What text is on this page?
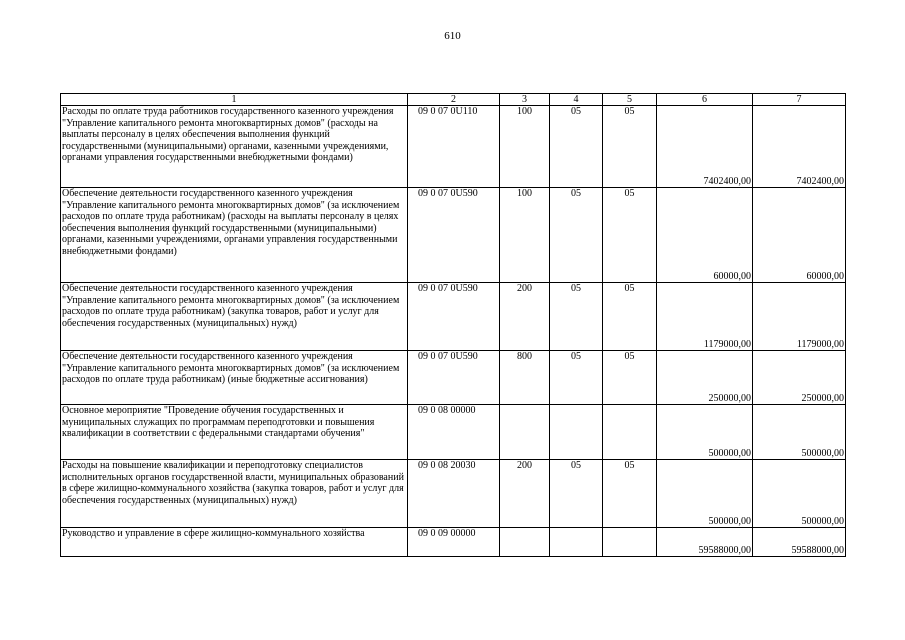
610
1	2	3	4	5	6	7
Расходы по оплате труда работников государственного казенного учреждения "Управление капитального ремонта многоквартирных домов" (расходы на выплаты персоналу в целях обеспечения выполнения функций государственными (муниципальными) органами, казенными учреждениями, органами управления государственными внебюджетными фондами)	09 0 07 0U110	100	05	05	7402400,00	7402400,00
Обеспечение деятельности государственного казенного учреждения "Управление капитального ремонта многоквартирных домов" (за исключением расходов по оплате труда работникам) (расходы на выплаты персоналу в целях обеспечения выполнения функций государственными (муниципальными) органами, казенными учреждениями, органами управления государственными внебюджетными фондами)	09 0 07 0U590	100	05	05	60000,00	60000,00
Обеспечение деятельности государственного казенного учреждения "Управление капитального ремонта многоквартирных домов" (за исключением расходов по оплате труда работникам) (закупка товаров, работ и услуг для обеспечения государственных (муниципальных) нужд)	09 0 07 0U590	200	05	05	1179000,00	1179000,00
Обеспечение деятельности государственного казенного учреждения "Управление капитального ремонта многоквартирных домов" (за исключением расходов по оплате труда работникам) (иные бюджетные ассигнования)	09 0 07 0U590	800	05	05	250000,00	250000,00
Основное мероприятие "Проведение обучения государственных и муниципальных служащих по программам переподготовки и повышения квалификации в соответствии с федеральными стандартами обучения"	09 0 08 00000				500000,00	500000,00
Расходы на повышение квалификации и переподготовку специалистов исполнительных органов государственной власти, муниципальных образований в сфере жилищно-коммунального хозяйства (закупка товаров, работ и услуг для обеспечения государственных (муниципальных) нужд)	09 0 08 20030	200	05	05	500000,00	500000,00
Руководство и управление в сфере жилищно-коммунального хозяйства	09 0 09 00000				59588000,00	59588000,00
